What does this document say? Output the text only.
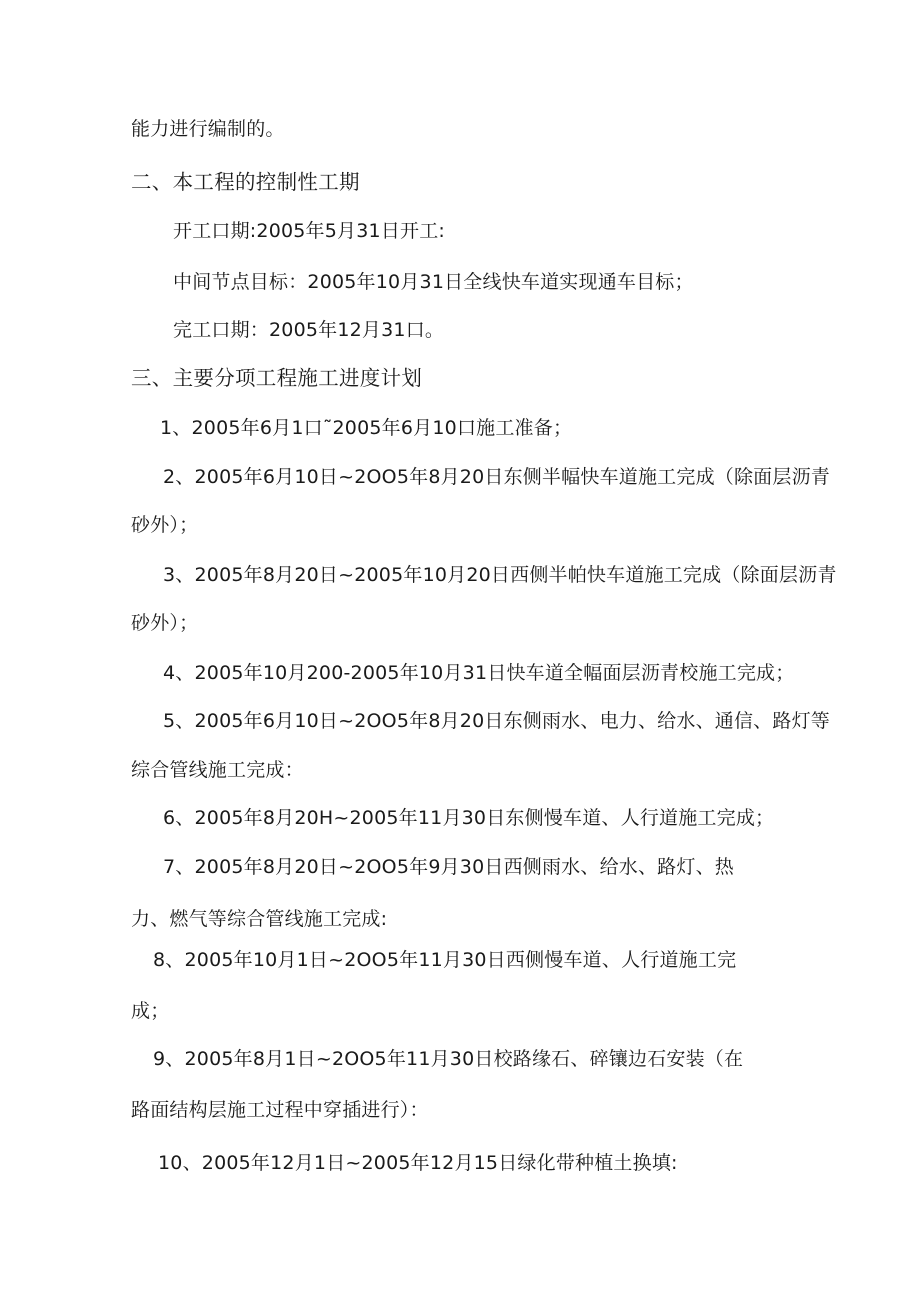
能力进行编制的。
二、本工程的控制性工期
开工口期:2005年5月31日开工:
中间节点目标：2005年10月31日全线快车道实现通车目标；
完工口期：2005年12月31口。
三、主要分项工程施工进度计划
1、2005年6月1口˜2005年6月10口施工准备；
2、2005年6月10日~2OO5年8月20日东侧半幅快车道施工完成（除面层沥青
砂外）；
3、2005年8月20日~2005年10月20日西侧半帕快车道施工完成（除面层沥青
砂外）；
4、2005年10月200-2005年10月31日快车道全幅面层沥青校施工完成；
5、2005年6月10日~2OO5年8月20日东侧雨水、电力、给水、通信、路灯等
综合管线施工完成：
6、2005年8月20H~2005年11月30日东侧慢车道、人行道施工完成；
7、2005年8月20日~2OO5年9月30日西侧雨水、给水、路灯、热
力、燃气等综合管线施工完成:
8、2005年10月1日~2OO5年11月30日西侧慢车道、人行道施工完
成；
9、2005年8月1日~2OO5年11月30日校路缘石、碎镶边石安装（在
路面结构层施工过程中穿插进行）：
10、2005年12月1日~2005年12月15日绿化带种植土换填:
